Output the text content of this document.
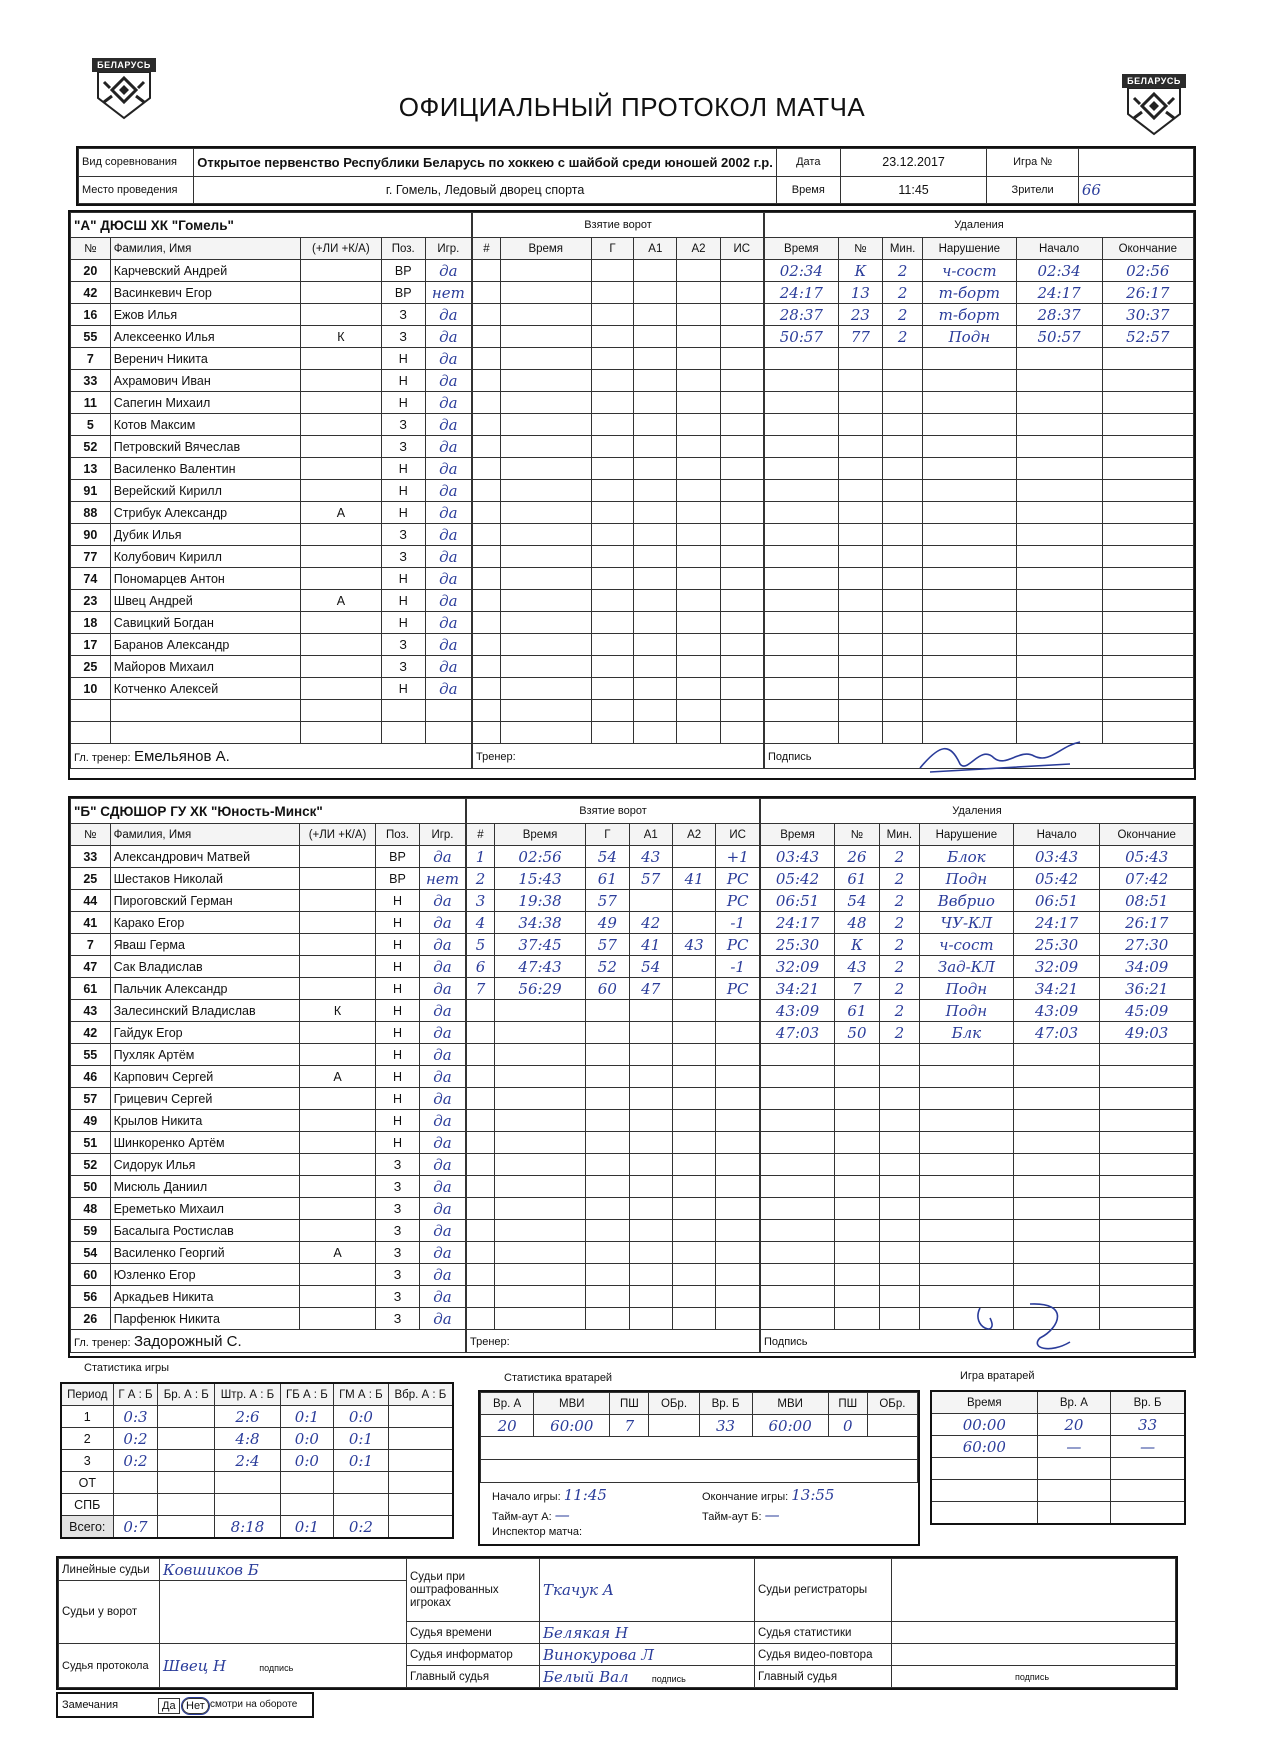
БЕЛАРУСЬ
БЕЛАРУСЬ
ОФИЦИАЛЬНЫЙ ПРОТОКОЛ МАТЧА
Вид соревнования	Открытое первенство Республики Беларусь по хоккею с шайбой среди юношей 2002 г.р.	Дата	23.12.2017	Игра №	
Место проведения	г. Гомель, Ледовый дворец спорта	Время	11:45	Зрители	66
"А" ДЮСШ ХК "Гомель"				
№	Фамилия, Имя	(+ЛИ +К/А)	Поз.	Игр.
20	Карчевский Андрей		ВР	да
42	Васинкевич Егор		ВР	нет
16	Ежов Илья		З	да
55	Алексеенко Илья	К	З	да
7	Веренич Никита		Н	да
33	Ахрамович Иван		Н	да
11	Сапегин Михаил		Н	да
5	Котов Максим		З	да
52	Петровский Вячеслав		З	да
13	Василенко Валентин		Н	да
91	Верейский Кирилл		Н	да
88	Стрибук Александр	А	Н	да
90	Дубик Илья		З	да
77	Колубович Кирилл		З	да
74	Пономарцев Антон		Н	да
23	Швец Андрей	А	Н	да
18	Савицкий Богдан		Н	да
17	Баранов Александр		З	да
25	Майоров Михаил		З	да
10	Котченко Алексей		Н	да

Гл. тренер: Емельянов А.				
Взятие ворот					
#	Время	Г	А1	А2	ИС

Тренер:					
Удаления					
Время	№	Мин.	Нарушение	Начало	Окончание
02:34	К	2	ч-сост	02:34	02:56
24:17	13	2	т-борт	24:17	26:17
28:37	23	2	т-борт	28:37	30:37
50:57	77	2	Подн	50:57	52:57

Подпись					
"Б" СДЮШОР ГУ ХК "Юность-Минск"				
№	Фамилия, Имя	(+ЛИ +К/А)	Поз.	Игр.
33	Александрович Матвей		ВР	да
25	Шестаков Николай		ВР	нет
44	Пироговский Герман		Н	да
41	Карако Егор		Н	да
7	Яваш Герма		Н	да
47	Сак Владислав		Н	да
61	Пальчик Александр		Н	да
43	Залесинский Владислав	К	Н	да
42	Гайдук Егор		Н	да
55	Пухляк Артём		Н	да
46	Карпович Сергей	А	Н	да
57	Грицевич Сергей		Н	да
49	Крылов Никита		Н	да
51	Шинкоренко Артём		Н	да
52	Сидорук Илья		З	да
50	Мисюль Даниил		З	да
48	Ереметько Михаил		З	да
59	Басалыга Ростислав		З	да
54	Василенко Георгий	А	З	да
60	Юзленко Егор		З	да
56	Аркадьев Никита		З	да
26	Парфенюк Никита		З	да
Гл. тренер: Задорожный С.				
Взятие ворот					
#	Время	Г	А1	А2	ИС
1	02:56	54	43		+1
2	15:43	61	57	41	РС
3	19:38	57			РС
4	34:38	49	42		-1
5	37:45	57	41	43	РС
6	47:43	52	54		-1
7	56:29	60	47		РС

Тренер:					
Удаления					
Время	№	Мин.	Нарушение	Начало	Окончание
03:43	26	2	Блок	03:43	05:43
05:42	61	2	Подн	05:42	07:42
06:51	54	2	Ввбрио	06:51	08:51
24:17	48	2	ЧУ-КЛ	24:17	26:17
25:30	К	2	ч-сост	25:30	27:30
32:09	43	2	Зад-КЛ	32:09	34:09
34:21	7	2	Подн	34:21	36:21
43:09	61	2	Подн	43:09	45:09
47:03	50	2	Блк	47:03	49:03

Подпись					
Статистика игры
Период	Г А : Б	Бр. А : Б	Штр. А : Б	ГБ А : Б	ГМ А : Б	Вбр. А : Б
1	0:3		2:6	0:1	0:0	
2	0:2		4:8	0:0	0:1	
3	0:2		2:4	0:0	0:1	
ОТ						
СПБ						
Всего:	0:7		8:18	0:1	0:2	
Статистика вратарей
Вр. А	МВИ	ПШ	ОБр.	Вр. Б	МВИ	ПШ	ОБр.
20	60:00	7		33	60:00	0	

Начало игры: 11:45	Окончание игры: 13:55
Тайм-аут А: —	Тайм-аут Б: —
Инспектор матча:
Игра вратарей
Время	Вр. А	Вр. Б
00:00	20	33
60:00	—	—

Линейные судьи	Ковшиков Б	Судьи при оштрафованных игроках	Ткачук А	Судьи регистраторы	
Судьи у ворот					
		Судья времени	Белякая Н	Судья статистики	
Судья протокола	Швец Н подпись	Судья информатор	Винокурова Л	Судья видео-повтора	
		Главный судья	Белый Вал подпись	Главный судья	подпись
Замечания	Да Нет смотри на обороте
